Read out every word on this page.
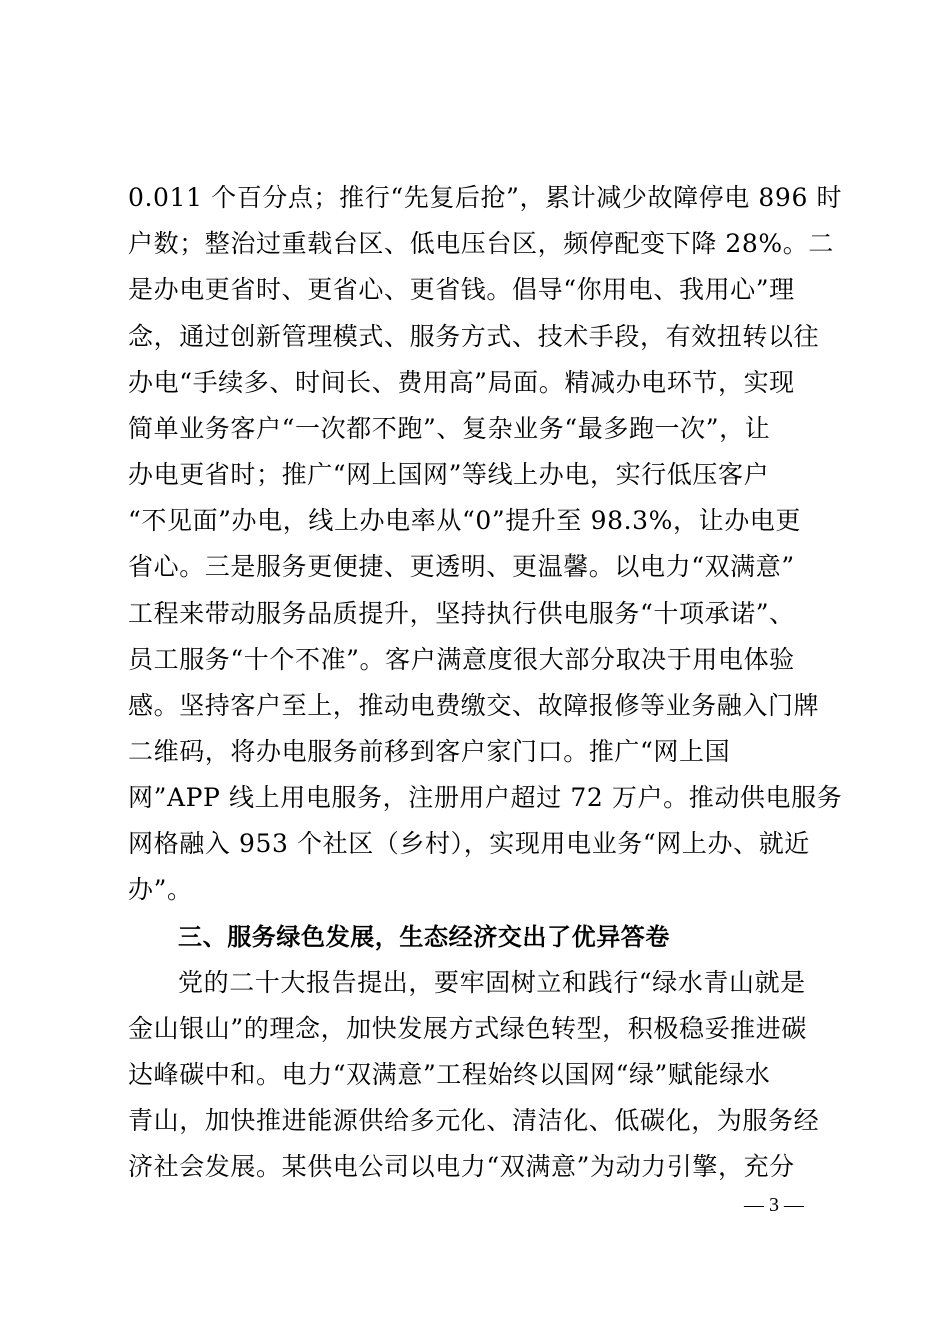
0.011 个百分点；推行“先复后抢”，累计减少故障停电 896 时
户数；整治过重载台区、低电压台区，频停配变下降 28%。二
是办电更省时、更省心、更省钱。倡导“你用电、我用心”理
念，通过创新管理模式、服务方式、技术手段，有效扭转以往
办电“手续多、时间长、费用高”局面。精减办电环节，实现
简单业务客户“一次都不跑”、复杂业务“最多跑一次”，让
办电更省时；推广“网上国网”等线上办电，实行低压客户
“不见面”办电，线上办电率从“0”提升至 98.3%，让办电更
省心。三是服务更便捷、更透明、更温馨。以电力“双满意”
工程来带动服务品质提升，坚持执行供电服务“十项承诺”、
员工服务“十个不准”。客户满意度很大部分取决于用电体验
感。坚持客户至上，推动电费缴交、故障报修等业务融入门牌
二维码，将办电服务前移到客户家门口。推广“网上国
网”APP 线上用电服务，注册用户超过 72 万户。推动供电服务
网格融入 953 个社区（乡村），实现用电业务“网上办、就近
办”。
三、服务绿色发展，生态经济交出了优异答卷
党的二十大报告提出，要牢固树立和践行“绿水青山就是
金山银山”的理念，加快发展方式绿色转型，积极稳妥推进碳
达峰碳中和。电力“双满意”工程始终以国网“绿”赋能绿水
青山，加快推进能源供给多元化、清洁化、低碳化，为服务经
济社会发展。某供电公司以电力“双满意”为动力引擎，充分
— 3 —
